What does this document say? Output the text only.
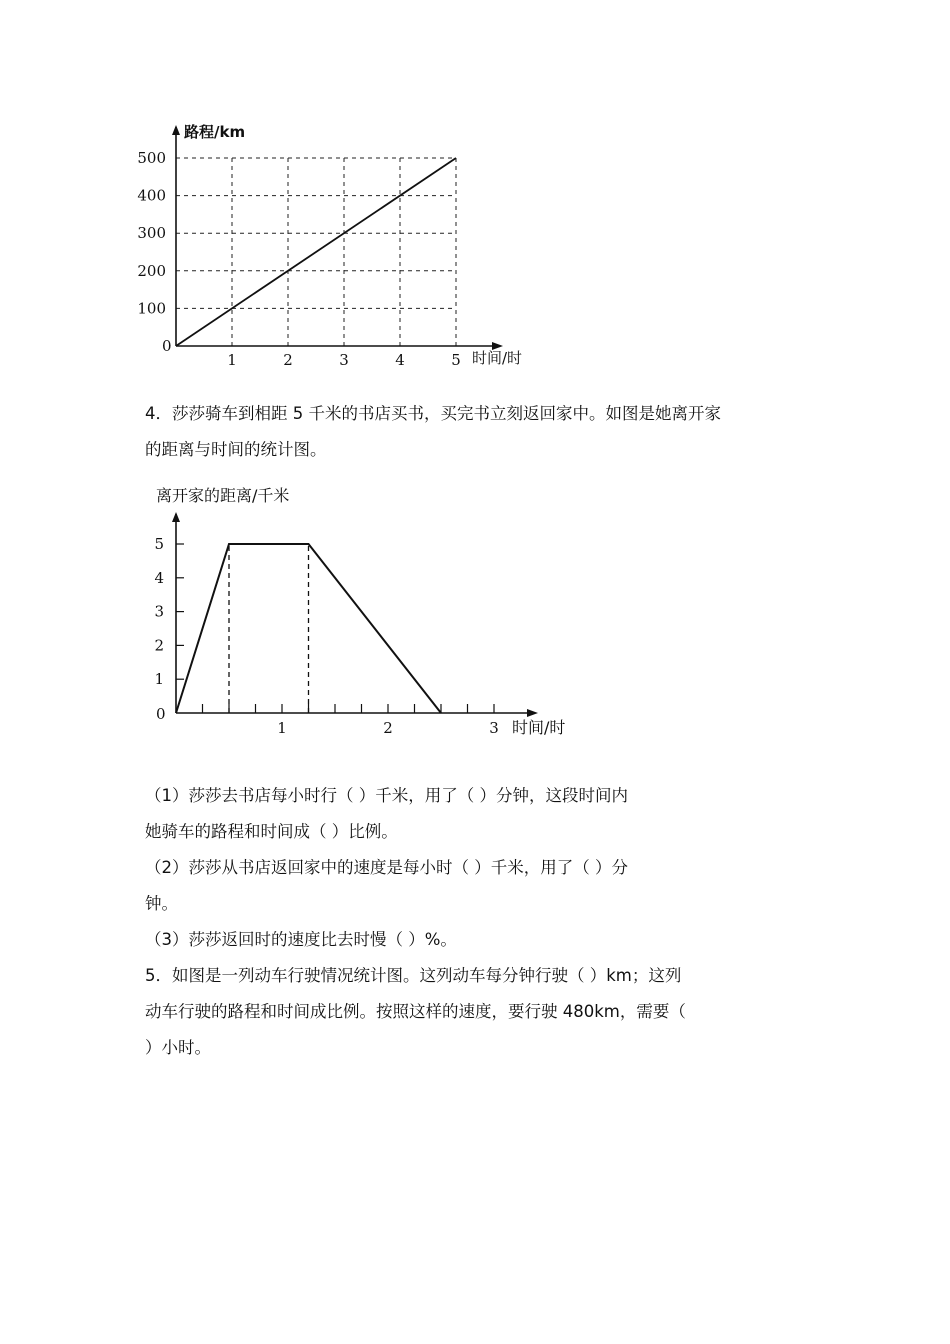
100
200
300
400
500
1	2	3	4	5
路程/km
时间/时
0
4．莎莎骑车到相距 5 千米的书店买书，买完书立刻返回家中。如图是她离开家
的距离与时间的统计图。
1
2
3
4
5
1	2	3
离开家的距离/千米
时间/时
0
（1）莎莎去书店每小时行（ ）千米，用了（ ）分钟，这段时间内
她骑车的路程和时间成（ ）比例。
（2）莎莎从书店返回家中的速度是每小时（ ）千米，用了（ ）分
钟。
（3）莎莎返回时的速度比去时慢（ ）%。
5．如图是一列动车行驶情况统计图。这列动车每分钟行驶（ ）km；这列
动车行驶的路程和时间成比例。按照这样的速度，要行驶 480km，需要（
）小时。
